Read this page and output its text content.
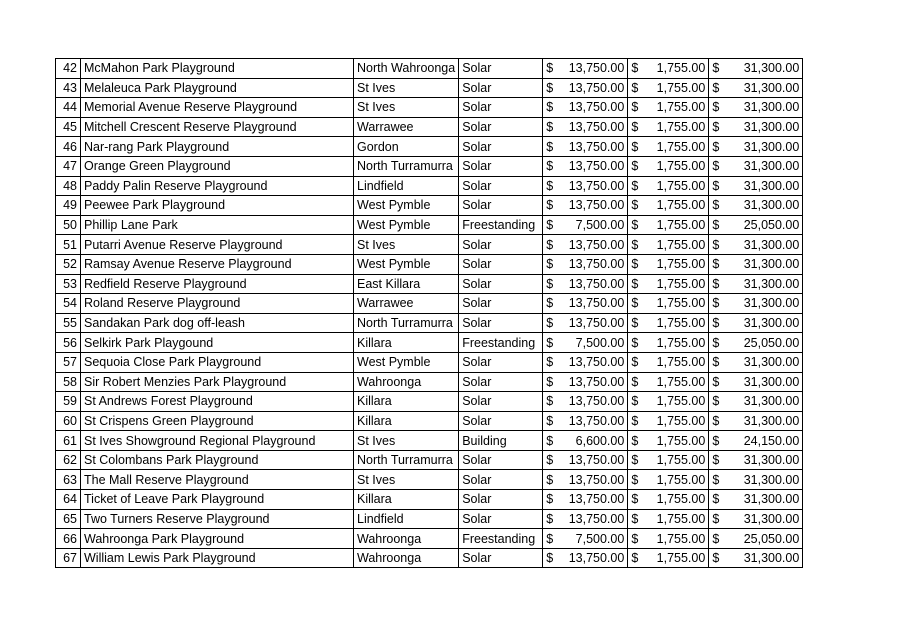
42	McMahon Park Playground	North Wahroonga	Solar	$	13,750.00	$	1,755.00	$	31,300.00
43	Melaleuca Park Playground	St Ives	Solar	$	13,750.00	$	1,755.00	$	31,300.00
44	Memorial Avenue Reserve Playground	St Ives	Solar	$	13,750.00	$	1,755.00	$	31,300.00
45	Mitchell Crescent Reserve Playground	Warrawee	Solar	$	13,750.00	$	1,755.00	$	31,300.00
46	Nar-rang Park Playground	Gordon	Solar	$	13,750.00	$	1,755.00	$	31,300.00
47	Orange Green Playground	North Turramurra	Solar	$	13,750.00	$	1,755.00	$	31,300.00
48	Paddy Palin Reserve Playground	Lindfield	Solar	$	13,750.00	$	1,755.00	$	31,300.00
49	Peewee Park Playground	West Pymble	Solar	$	13,750.00	$	1,755.00	$	31,300.00
50	Phillip Lane Park	West Pymble	Freestanding	$	7,500.00	$	1,755.00	$	25,050.00
51	Putarri Avenue Reserve Playground	St Ives	Solar	$	13,750.00	$	1,755.00	$	31,300.00
52	Ramsay Avenue Reserve Playground	West Pymble	Solar	$	13,750.00	$	1,755.00	$	31,300.00
53	Redfield Reserve Playground	East Killara	Solar	$	13,750.00	$	1,755.00	$	31,300.00
54	Roland Reserve Playground	Warrawee	Solar	$	13,750.00	$	1,755.00	$	31,300.00
55	Sandakan Park dog off-leash	North Turramurra	Solar	$	13,750.00	$	1,755.00	$	31,300.00
56	Selkirk Park Playgound	Killara	Freestanding	$	7,500.00	$	1,755.00	$	25,050.00
57	Sequoia Close Park Playground	West Pymble	Solar	$	13,750.00	$	1,755.00	$	31,300.00
58	Sir Robert Menzies Park Playground	Wahroonga	Solar	$	13,750.00	$	1,755.00	$	31,300.00
59	St Andrews Forest Playground	Killara	Solar	$	13,750.00	$	1,755.00	$	31,300.00
60	St Crispens Green Playground	Killara	Solar	$	13,750.00	$	1,755.00	$	31,300.00
61	St Ives Showground Regional Playground	St Ives	Building	$	6,600.00	$	1,755.00	$	24,150.00
62	St Colombans Park Playground	North Turramurra	Solar	$	13,750.00	$	1,755.00	$	31,300.00
63	The Mall Reserve Playground	St Ives	Solar	$	13,750.00	$	1,755.00	$	31,300.00
64	Ticket of Leave Park Playground	Killara	Solar	$	13,750.00	$	1,755.00	$	31,300.00
65	Two Turners Reserve Playground	Lindfield	Solar	$	13,750.00	$	1,755.00	$	31,300.00
66	Wahroonga Park Playground	Wahroonga	Freestanding	$	7,500.00	$	1,755.00	$	25,050.00
67	William Lewis Park Playground	Wahroonga	Solar	$	13,750.00	$	1,755.00	$	31,300.00
